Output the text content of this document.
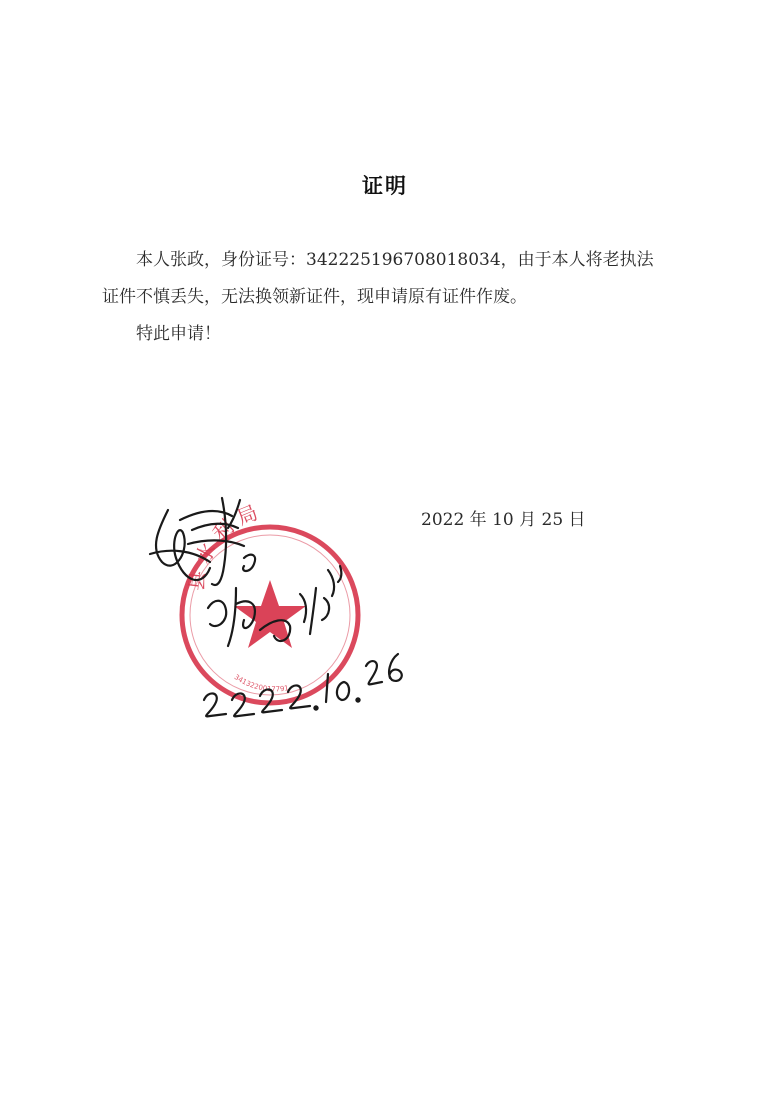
证明

本人张政，身份证号：342225196708018034，由于本人将老执法证件不慎丢失，无法换领新证件，现申请原有证件作废。

特此申请！

2022 年 10 月 25 日
县 水 利 局
3413220017791
